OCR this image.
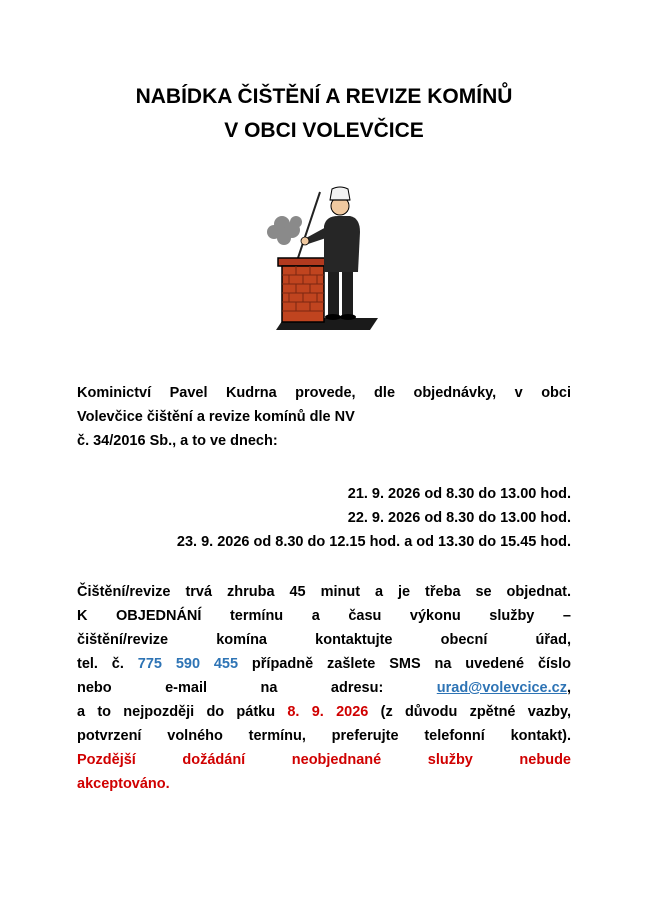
NABÍDKA ČIŠTĚNÍ A REVIZE KOMÍNŮ
V OBCI VOLEVČICE
Kominictví Pavel Kudrna provede, dle objednávky, v obci
Volevčice čištění a revize komínů dle NV
č. 34/2016 Sb., a to ve dnech:
21. 9. 2026 od 8.30 do 13.00 hod.
22. 9. 2026 od 8.30 do 13.00 hod.
23. 9. 2026 od 8.30 do 12.15 hod. a od 13.30 do 15.45 hod.
Čištění/revize trvá zhruba 45 minut a je třeba se objednat.
K OBJEDNÁNÍ termínu a času výkonu služby –
čištění/revize komína kontaktujte obecní úřad,
tel. č. 775 590 455 případně zašlete SMS na uvedené číslo
nebo e-mail na adresu:	urad@volevcice.cz,
a to nejpozději do pátku 8. 9. 2026 (z důvodu zpětné vazby,
potvrzení volného termínu, preferujte telefonní kontakt).
Pozdější dožádání neobjednané služby nebude
akceptováno.
